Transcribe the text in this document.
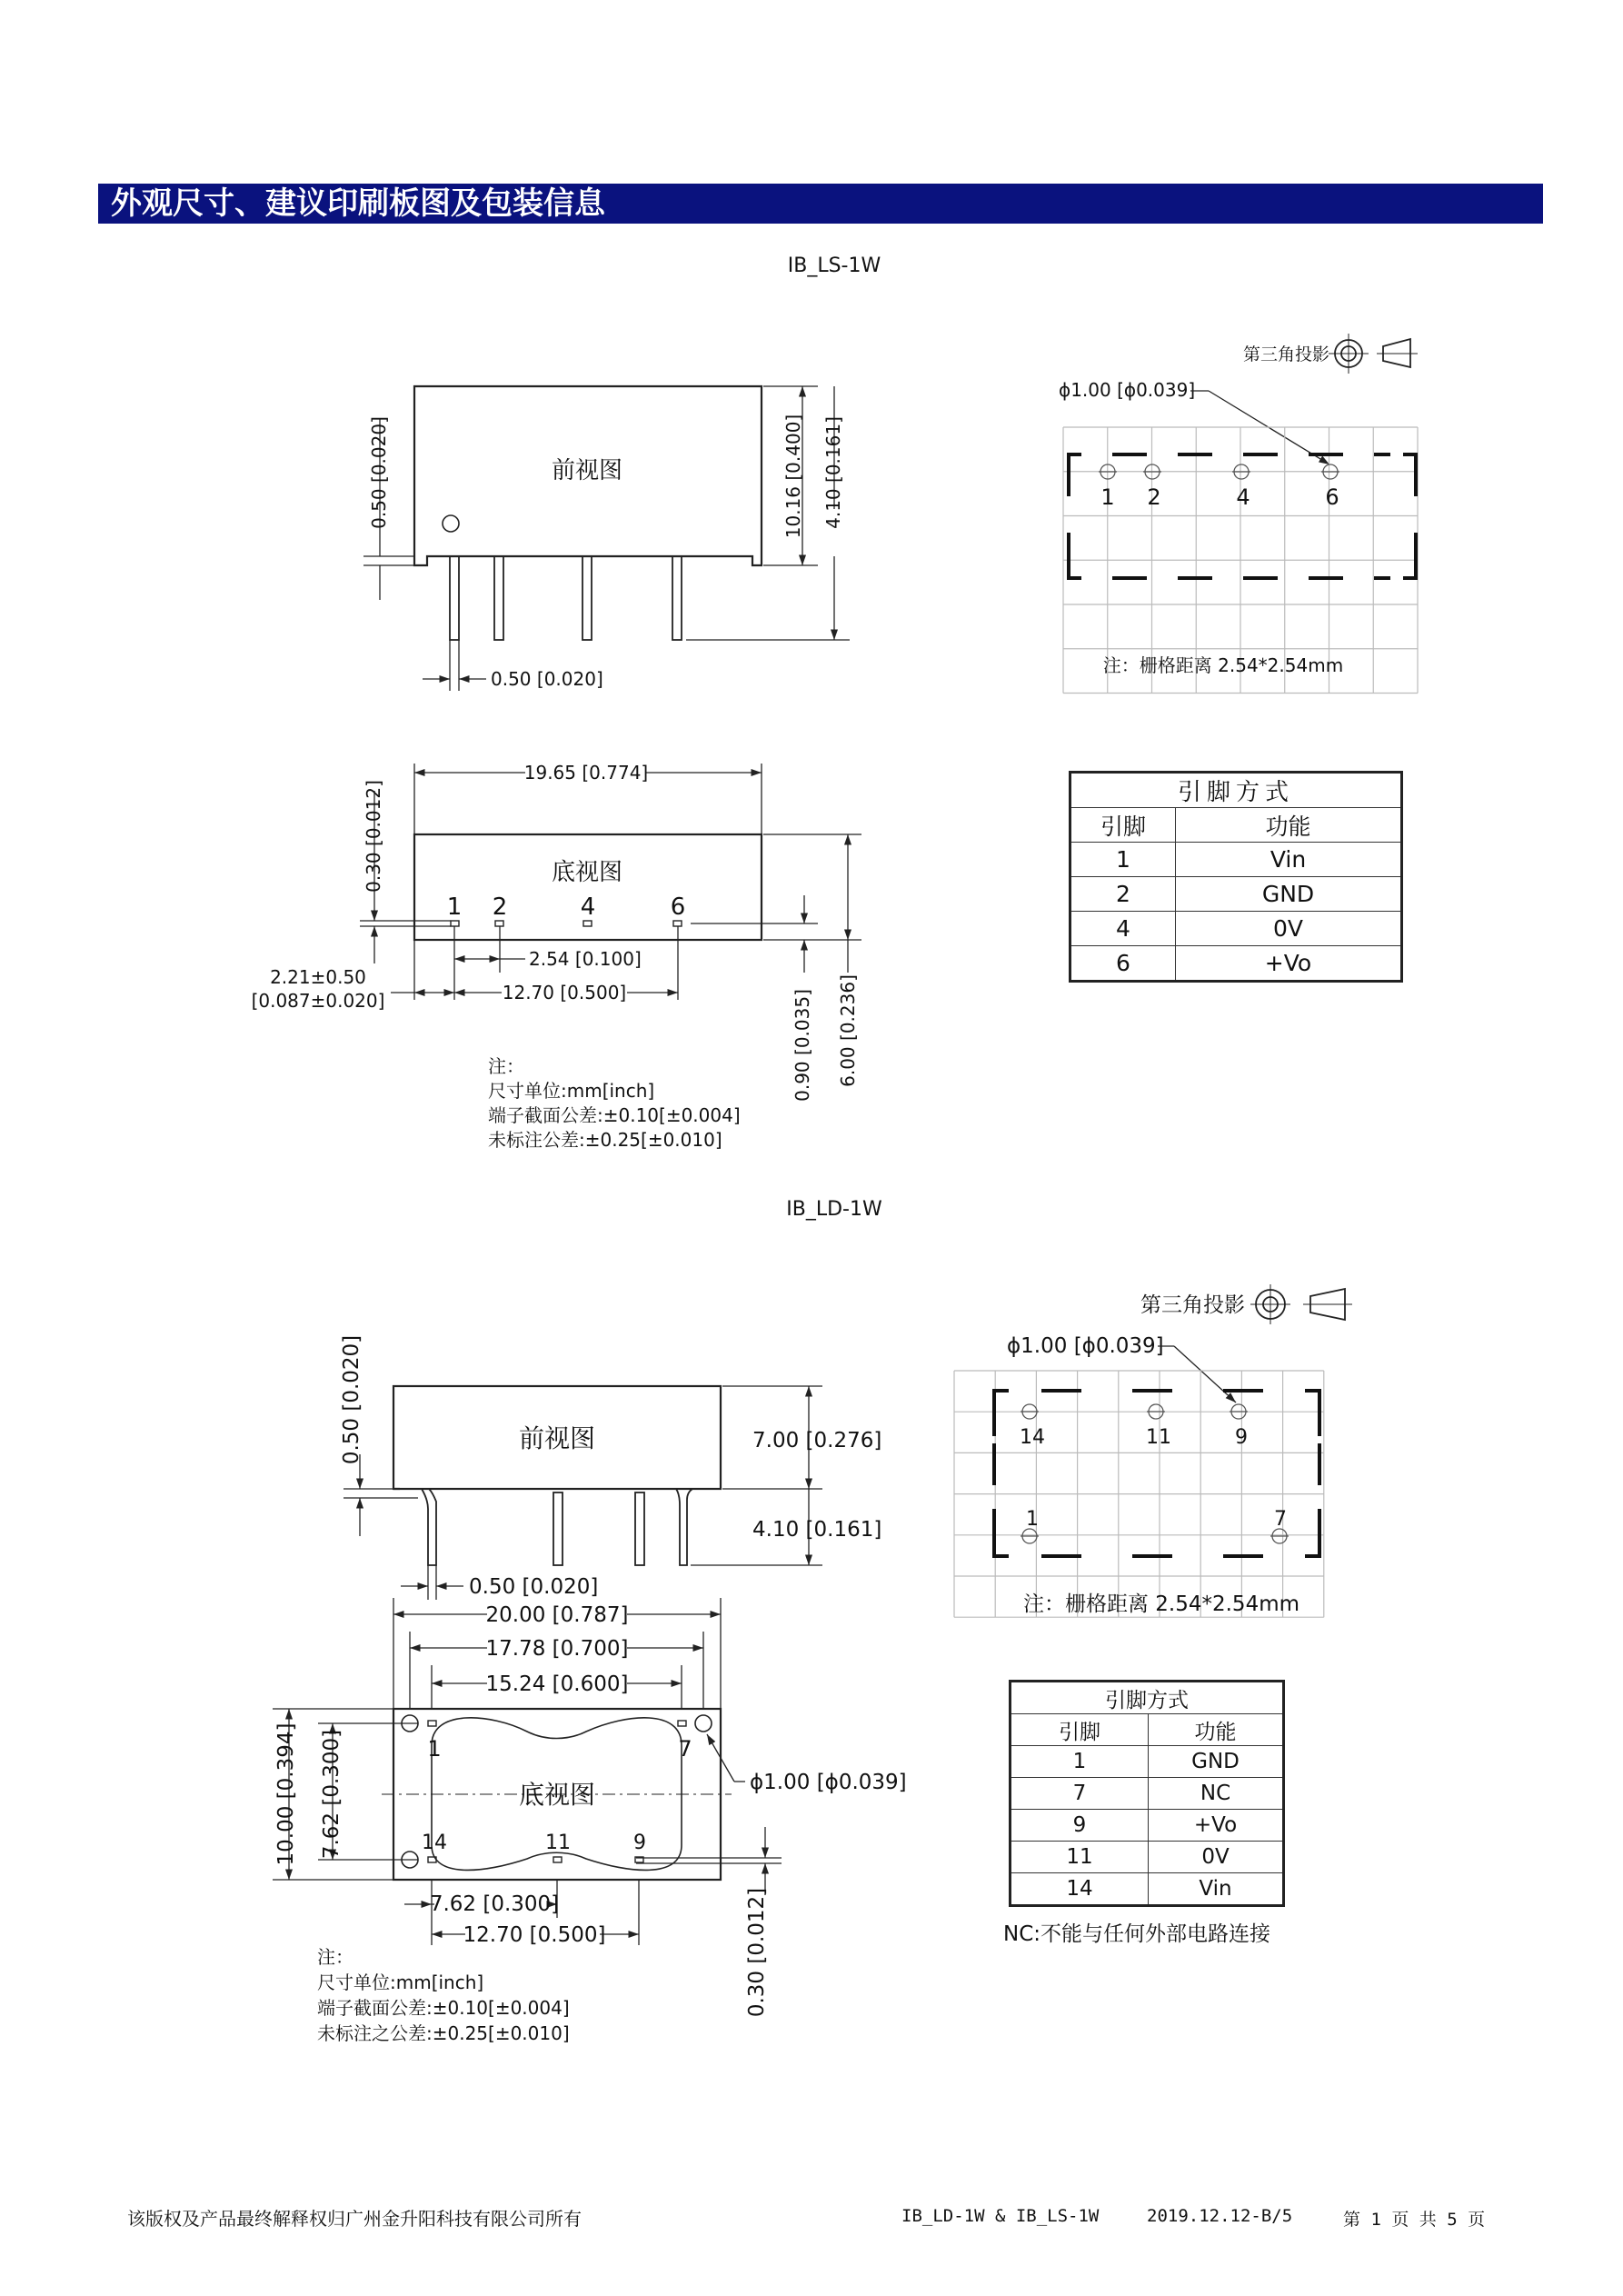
外观尺寸、建议印刷板图及包装信息
IB_LS-1W
IB_LD-1W
前视图
0.50 [0.020]	10.16 [0.400] 4.10 [0.161]
0.50 [0.020]
底视图
1 2	4	6
19.65 [0.774]
0.30 [0.012]
2.54 [0.100]
12.70 [0.500]
2.21±0.50
[0.087±0.020]	0.90 [0.035] 6.00 [0.236]
注：
尺寸单位:mm[inch]
端子截面公差:±0.10[±0.004]
未标注公差:±0.25[±0.010]
第三角投影
ϕ1.00 [ϕ0.039]
1 2	4	6
注：栅格距离 2.54*2.54mm
前视图
0.50 [0.020]	7.00 [0.276]
4.10 [0.161]
0.50 [0.020]
底视图
1	7
14	11	9
20.00 [0.787]
17.78 [0.700]
15.24 [0.600]
ϕ1.00 [ϕ0.039]
10.00 [0.394] 7.62 [0.300]
7.62 [0.300]
12.70 [0.500]	0.30 [0.012]
注：
尺寸单位:mm[inch]
端子截面公差:±0.10[±0.004]
未标注之公差:±0.25[±0.010]
第三角投影
ϕ1.00 [ϕ0.039]
14	11	9
1	7
注：栅格距离 2.54*2.54mm
NC:不能与任何外部电路连接
引脚方式	
引脚	功能
1	Vin
2	GND
4	0V
6	+Vo
引脚方式	
引脚	功能
1	GND
7	NC
9	+Vo
11	0V
14	Vin
该版权及产品最终解释权归广州金升阳科技有限公司所有	IB_LD-1W & IB_LS-1W	2019.12.12-B/5	第 1 页 共 5 页
